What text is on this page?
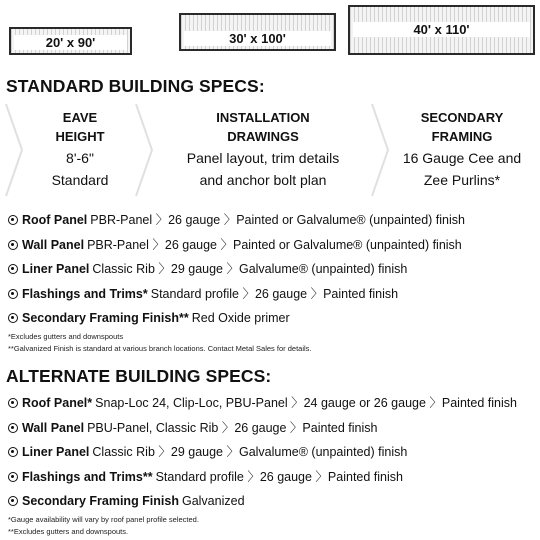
20' x 90'	30' x 100'
40' x 110'
STANDARD BUILDING SPECS:
EAVE
HEIGHT
8'-6"
Standard
INSTALLATION
DRAWINGS
Panel layout, trim details
and anchor bolt plan
SECONDARY
FRAMING
16 Gauge Cee and
Zee Purlins*
Roof Panel PBR-Panel 〉26 gauge 〉Painted or Galvalume® (unpainted) finish
Wall Panel PBR-Panel 〉26 gauge 〉Painted or Galvalume® (unpainted) finish
Liner Panel Classic Rib 〉29 gauge 〉Galvalume® (unpainted) finish
Flashings and Trims* Standard profile 〉26 gauge 〉Painted finish
Secondary Framing Finish** Red Oxide primer
*Excludes gutters and downspouts
**Galvanized Finish is standard at various branch locations. Contact Metal Sales for details.
ALTERNATE BUILDING SPECS:
Roof Panel* Snap-Loc 24, Clip-Loc, PBU-Panel 〉24 gauge or 26 gauge 〉Painted finish
Wall Panel PBU-Panel, Classic Rib 〉26 gauge 〉Painted finish
Liner Panel Classic Rib 〉29 gauge 〉Galvalume® (unpainted) finish
Flashings and Trims** Standard profile 〉26 gauge 〉Painted finish
Secondary Framing Finish Galvanized
*Gauge availability will vary by roof panel profile selected.
**Excludes gutters and downspouts.
